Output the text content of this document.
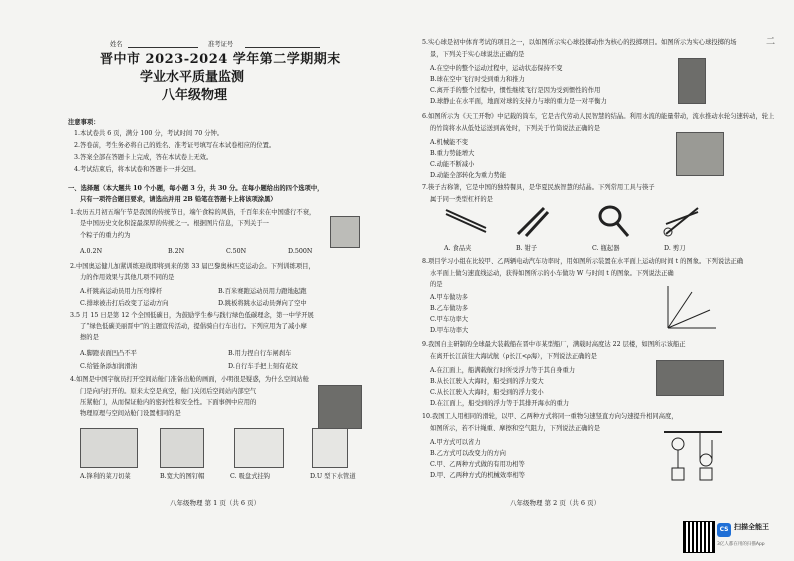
姓名	准考证号
晋中市 2023-2024 学年第二学期期末
学业水平质量监测
八年级物理
注意事项：
1.本试卷共 6 页，满分 100 分，考试时间 70 分钟。
2.答卷前，考生务必将自己的姓名、准考证号填写在本试卷相应的位置。
3.答案全部在答题卡上完成，答在本试卷上无效。
4.考试结束后，将本试卷和答题卡一并交回。
一、选择题（本大题共 10 个小题，每小题 3 分，共 30 分。在每小题给出的四个选项中，
只有一项符合题目要求，请选出并用 2B 铅笔在答题卡上将该项涂黑）
1.农历五月初五端午节是我国的传统节日，端午食粽的风俗，千百年来在中国盛行不衰，
是中国历史文化积淀最深厚的传统之一。根据图片信息，下列关于一
个粽子的重力约为
A.0.2N	B.2N	C.50N	D.500N
2.中国奥运健儿加紧训练迎战即将到来的第 33 届巴黎奥林匹克运动会。下列训练项目，
力的作用效果与其他几项不同的是
A.杆跳高运动员用力压弯撑杆	B.百米赛跑运动员用力蹬地起跑
C.排球被击打后改变了运动方向	D.跳板将跳水运动员弹向了空中
3.5 月 15 日是第 12 个全国低碳日，为鼓励学生参与践行绿色低碳理念，第一中学开展
了“绿色低碳美丽晋中”的主题宣传活动，提倡骑自行车出行。下列应用为了减小摩
擦的是
A.脚蹬表面凹凸不平	B.用力捏自行车闸刹车
C.给链条添加润滑油	D.自行车手把上刻有花纹
4.如图是中国宇航员打开空间站舱门准备出舱的画面，小明很是疑惑，为什么空间站舱
门是向内打开的。原来太空是真空，舱门关闭后空间站内部空气
压紧舱门，从而保证舱内的密封性和安全性。下面事例中应用的
物理原理与空间站舱门设置相同的是
A.锋利的菜刀切菜	B.宽大的图钉帽	C. 吸盘式挂钩	D.U 型下水管道
八年级物理 第 1 页（共 6 页）
二
5.实心球是初中体育考试的项目之一，以如图所示实心球投掷动作为核心的投掷项目。如图所示为实心球投掷的场
景，下列关于实心球说法正确的是
A.在空中的整个运动过程中，运动状态保持不变
B.球在空中飞行时受到重力和推力
C.离开手的整个过程中，惯性继续飞行是因为受到惯性的作用
D.球静止在水平面，地面对球的支持力与球的重力是一对平衡力
6.如图所示为《天工开物》中记载的筒车，它是古代劳动人民智慧的结晶。利用水流的能量带动，流水推动水轮匀速转动，轮上
的竹筒将水从低处运送到高处时，下列关于竹筒说法正确的是
A.机械能不变
B.重力势能增大
C.动能不断减小
D.动能全部转化为重力势能
7.筷子古称箸，它是中国的独特餐具，是华夏民族智慧的结晶。下列常用工具与筷子
属于同一类型杠杆的是
A. 食品夹	B. 钳子	C. 瓶起器	D. 剪刀
8.项目学习小组在比较甲、乙两辆电动汽车功率时，用如图所示装置在水平面上运动的时间 t 的图象。下列说法正确
水平面上做匀速直线运动，获得如图所示的小车做功 W 与时间 t 的图象。下列说法正确
的是
A.甲车做功多
B.乙车做功多
C.甲车功率大
D.甲车功率大
9.我国自主研制的全球最大装载船在晋中市某型船厂，满载时高度达 22 层楼，如图所示该船正
在离开长江前往大海试航（ρ长江<ρ海），下列说法正确的是
A.在江面上，船满载航行时所受浮力等于其自身重力
B.从长江驶入大海时，船受到的浮力变大
C.从长江驶入大海时，船受到的浮力变小
D.在江面上，船受到的浮力等于其排开海水的重力
10.我国工人用相同的滑轮，以甲、乙两种方式将同一重物匀速竖直方向匀速提升相同高度，
如图所示，若不计绳重、摩擦和空气阻力，下列说法正确的是
A.甲方式可以省力
B.乙方式可以改变力的方向
C.甲、乙两种方式做的有用功相等
D.甲、乙两种方式的机械效率相等
八年级物理 第 2 页（共 6 页）
CS 扫描全能王
3亿人都在用的扫描App
